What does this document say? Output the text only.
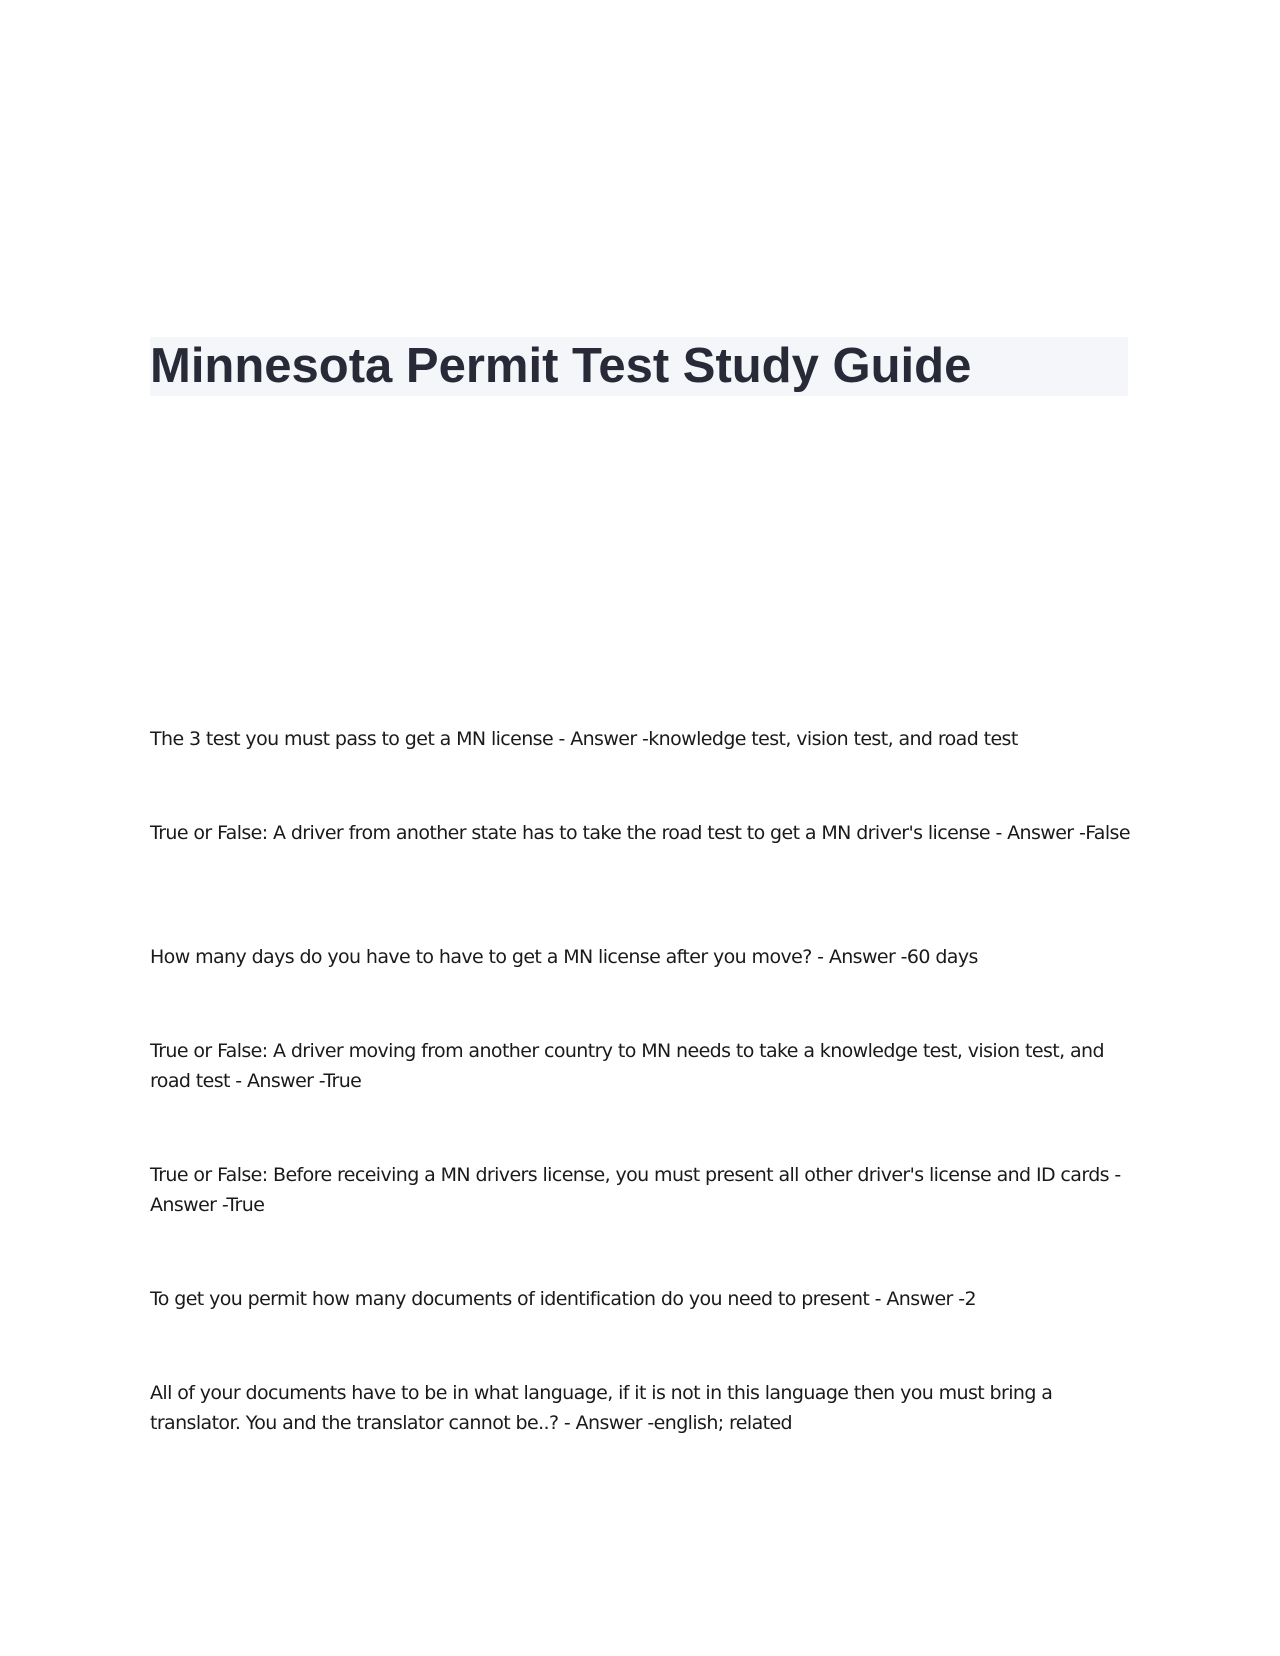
Minnesota Permit Test Study Guide

The 3 test you must pass to get a MN license - Answer -knowledge test, vision test, and road test

True or False: A driver from another state has to take the road test to get a MN driver's license - Answer -False

How many days do you have to have to get a MN license after you move? - Answer -60 days

True or False: A driver moving from another country to MN needs to take a knowledge test, vision test, and road test - Answer -True

True or False: Before receiving a MN drivers license, you must present all other driver's license and ID cards - Answer -True

To get you permit how many documents of identification do you need to present - Answer -2

All of your documents have to be in what language, if it is not in this language then you must bring a translator. You and the translator cannot be..? - Answer -english; related
